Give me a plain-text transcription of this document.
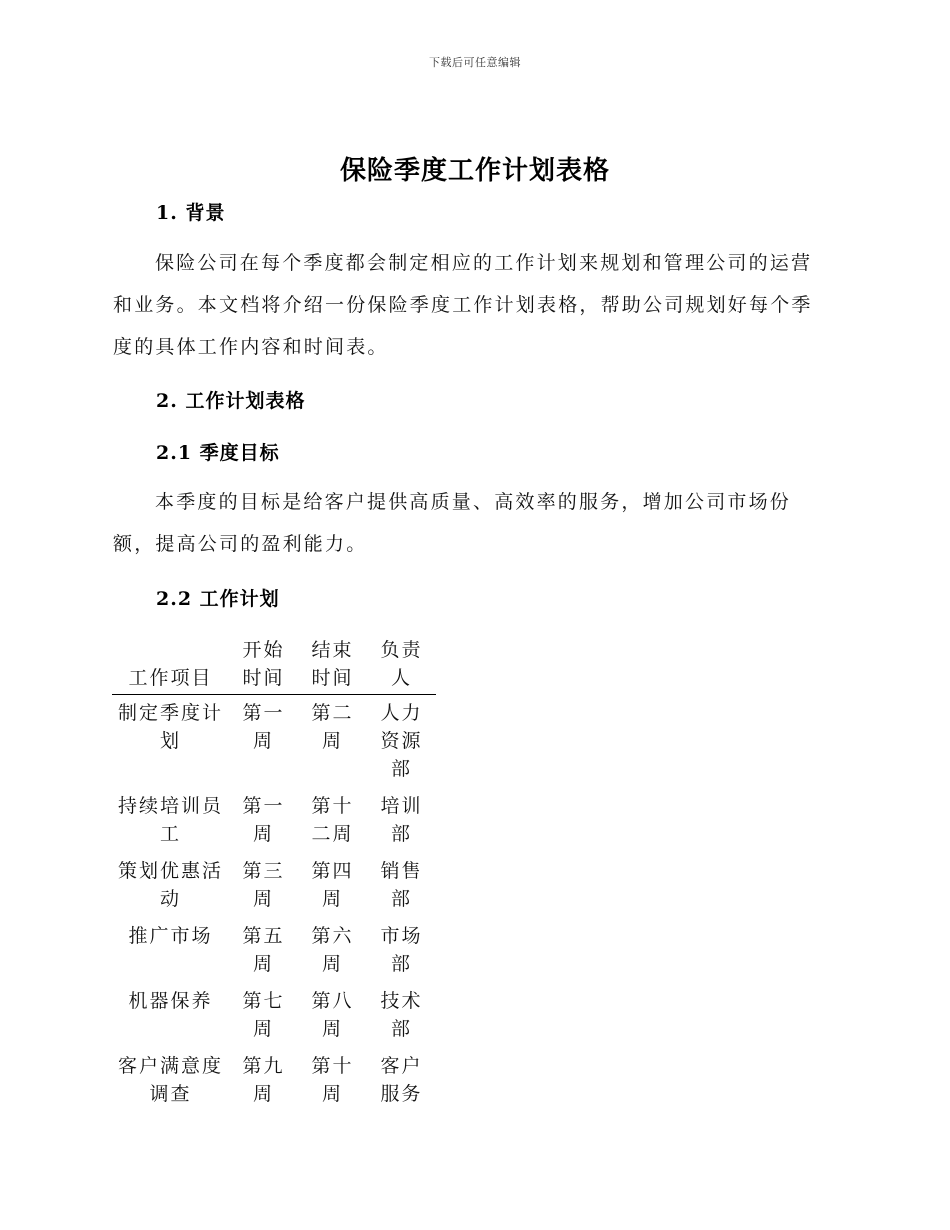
下载后可任意编辑
保险季度工作计划表格
1. 背景
保险公司在每个季度都会制定相应的工作计划来规划和管理公司的运营和业务。本文档将介绍一份保险季度工作计划表格，帮助公司规划好每个季度的具体工作内容和时间表。
2. 工作计划表格
2.1 季度目标
本季度的目标是给客户提供高质量、高效率的服务，增加公司市场份额，提高公司的盈利能力。
2.2 工作计划
工作项目	开始时间	结束时间	负责人
制定季度计划	第一周	第二周	人力资源部
持续培训员工	第一周	第十二周	培训部
策划优惠活动	第三周	第四周	销售部
推广市场	第五周	第六周	市场部
机器保养	第七周	第八周	技术部
客户满意度调查	第九周	第十周	客户服务
